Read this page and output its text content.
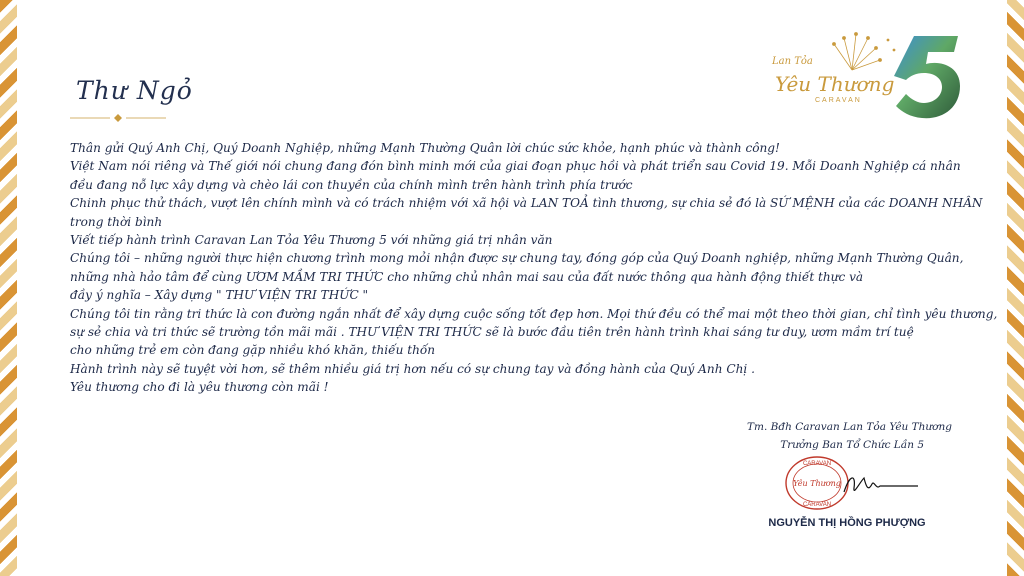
Lan Tỏa
Yêu Thương
CARAVAN
Thư Ngỏ

Thân gửi Quý Anh Chị, Quý Doanh Nghiệp, những Mạnh Thường Quân lời chúc sức khỏe, hạnh phúc và thành công!

Việt Nam nói riêng và Thế giới nói chung đang đón bình minh mới của giai đoạn phục hồi và phát triển sau Covid 19. Mỗi Doanh Nghiệp cá nhân

đều đang nỗ lực xây dựng và chèo lái con thuyền của chính mình trên hành trình phía trước

Chinh phục thử thách, vượt lên chính mình và có trách nhiệm với xã hội và LAN TOẢ tình thương, sự chia sẻ đó là SỨ MỆNH của các DOANH NHÂN

trong thời bình

Viết tiếp hành trình Caravan Lan Tỏa Yêu Thương 5 với những giá trị nhân văn

Chúng tôi – những người thực hiện chương trình mong mỏi nhận được sự chung tay, đóng góp của Quý Doanh nghiệp, những Mạnh Thường Quân,

những nhà hảo tâm để cùng ƯƠM MẦM TRI THỨC cho những chủ nhân mai sau của đất nước thông qua hành động thiết thực và

đầy ý nghĩa – Xây dựng " THƯ VIỆN TRI THỨC "

Chúng tôi tin rằng tri thức là con đường ngắn nhất để xây dựng cuộc sống tốt đẹp hơn. Mọi thứ đều có thể mai một theo thời gian, chỉ tình yêu thương,

sự sẻ chia và tri thức sẽ trường tồn mãi mãi . THƯ VIỆN TRI THỨC sẽ là bước đầu tiên trên hành trình khai sáng tư duy, ươm mầm trí tuệ

cho những trẻ em còn đang gặp nhiều khó khăn, thiếu thốn

Hành trình này sẽ tuyệt vời hơn, sẽ thêm nhiều giá trị hơn nếu có sự chung tay và đồng hành của Quý Anh Chị .

Yêu thương cho đi là yêu thương còn mãi !

Tm. Bđh Caravan Lan Tỏa Yêu Thương
Trưởng Ban Tổ Chức Lần 5
CARAVAN
Yêu Thương
CARAVAN
NGUYỄN THỊ HỒNG PHƯỢNG
